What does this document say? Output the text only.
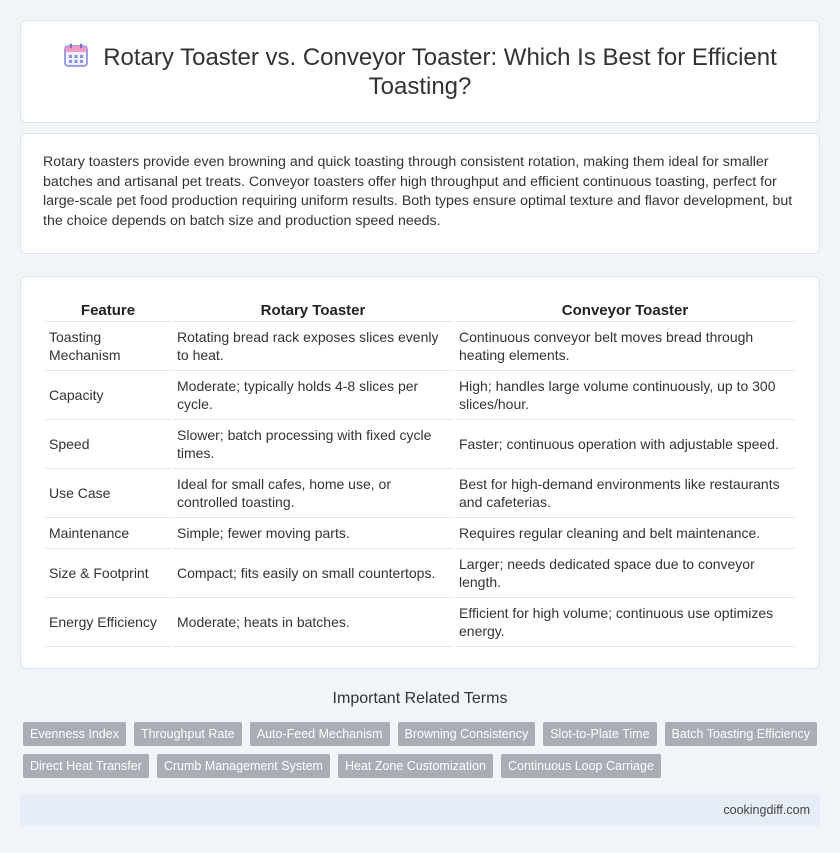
Rotary Toaster vs. Conveyor Toaster: Which Is Best for Efficient Toasting?

Rotary toasters provide even browning and quick toasting through consistent rotation, making them ideal for smaller batches and artisanal pet treats. Conveyor toasters offer high throughput and efficient continuous toasting, perfect for large-scale pet food production requiring uniform results. Both types ensure optimal texture and flavor development, but the choice depends on batch size and production speed needs.

Feature	Rotary Toaster	Conveyor Toaster
Toasting Mechanism	Rotating bread rack exposes slices evenly to heat.	Continuous conveyor belt moves bread through heating elements.
Capacity	Moderate; typically holds 4-8 slices per cycle.	High; handles large volume continuously, up to 300 slices/hour.
Speed	Slower; batch processing with fixed cycle times.	Faster; continuous operation with adjustable speed.
Use Case	Ideal for small cafes, home use, or controlled toasting.	Best for high-demand environments like restaurants and cafeterias.
Maintenance	Simple; fewer moving parts.	Requires regular cleaning and belt maintenance.
Size & Footprint	Compact; fits easily on small countertops.	Larger; needs dedicated space due to conveyor length.
Energy Efficiency	Moderate; heats in batches.	Efficient for high volume; continuous use optimizes energy.
Important Related Terms
Evenness Index	Throughput Rate	Auto-Feed Mechanism	Browning Consistency	Slot-to-Plate Time	Batch Toasting Efficiency
Direct Heat Transfer	Crumb Management System	Heat Zone Customization	Continuous Loop Carriage
cookingdiff.com
